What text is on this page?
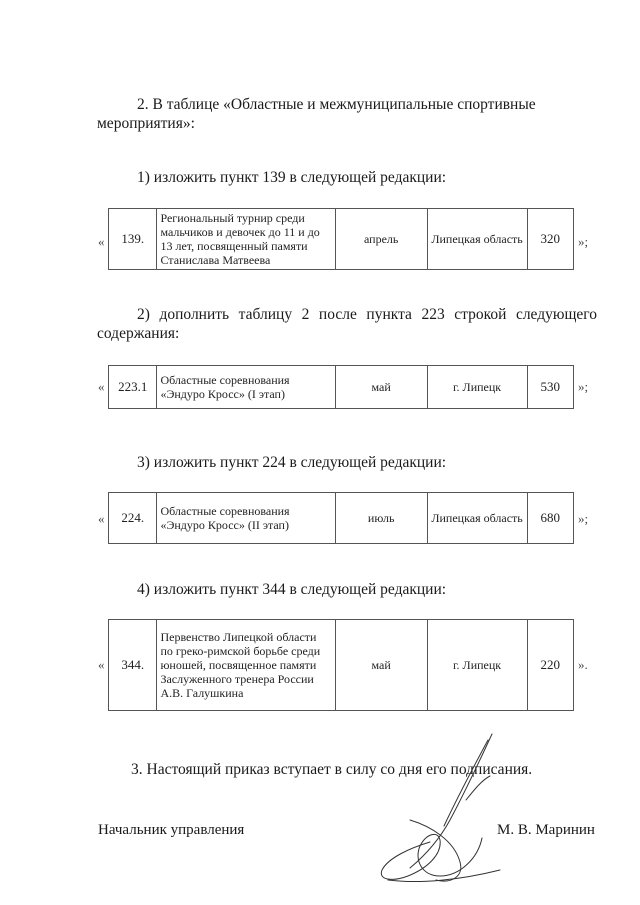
2. В таблице «Областные и межмуниципальные спортивные
мероприятия»:
1) изложить пункт 139 в следующей редакции:
« 139.	Региональный турнир среди мальчиков и девочек до 11 и до 13 лет, посвященный памяти Станислава Матвеева	апрель	Липецкая область	320 »;
2) дополнить таблицу 2 после пункта 223 строкой следующего
содержания:
« 223.1	Областные соревнования «Эндуро Кросс» (I этап)	май	г. Липецк	530 »;
3) изложить пункт 224 в следующей редакции:
« 224.	Областные соревнования «Эндуро Кросс» (II этап)	июль	Липецкая область	680 »;
4) изложить пункт 344 в следующей редакции:
« 344.	Первенство Липецкой области по греко-римской борьбе среди юношей, посвященное памяти Заслуженного тренера России А.В. Галушкина	май	г. Липецк	220 ».
3. Настоящий приказ вступает в силу со дня его подписания.
Начальник управления	М. В. Маринин
